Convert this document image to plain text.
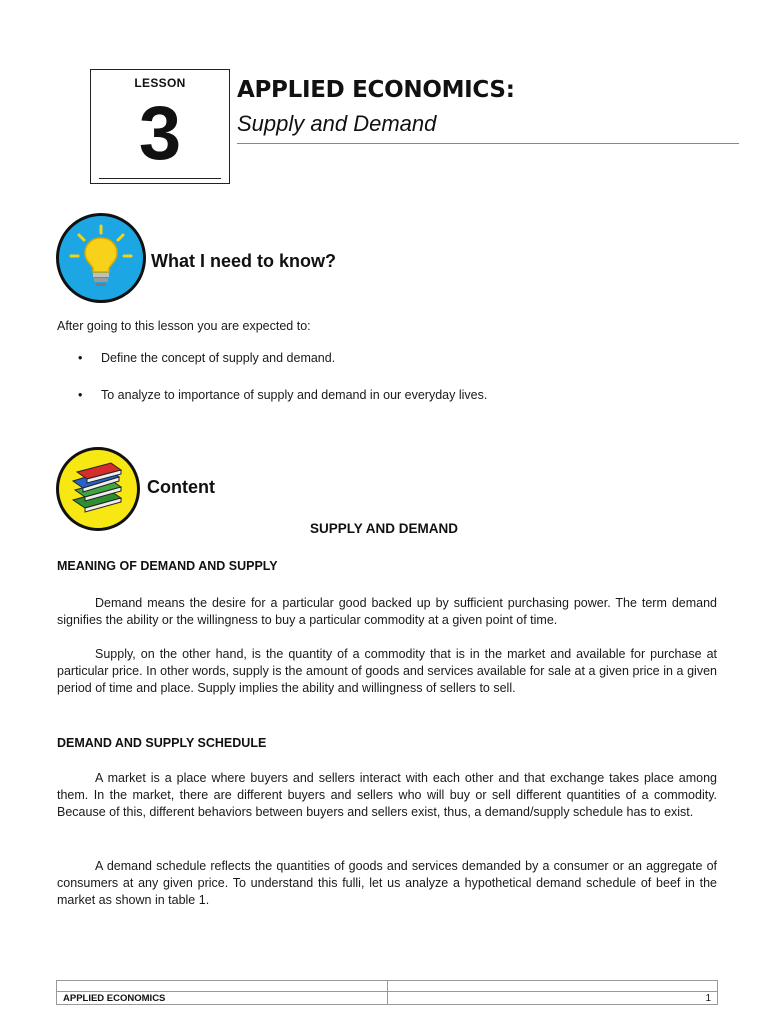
LESSON
3
APPLIED ECONOMICS:
Supply and Demand
What I need to know?
After going to this lesson you are expected to:
• Define the concept of supply and demand.
• To analyze to importance of supply and demand in our everyday lives.
Content
SUPPLY AND DEMAND
MEANING OF DEMAND AND SUPPLY

Demand means the desire for a particular good backed up by sufficient purchasing power. The term demand signifies the ability or the willingness to buy a particular commodity at a given point of time.

Supply, on the other hand, is the quantity of a commodity that is in the market and available for purchase at particular price. In other words, supply is the amount of goods and services available for sale at a given price in a given period of time and place. Supply implies the ability and willingness of sellers to sell.

DEMAND AND SUPPLY SCHEDULE

A market is a place where buyers and sellers interact with each other and that exchange takes place among them. In the market, there are different buyers and sellers who will buy or sell different quantities of a commodity. Because of this, different behaviors between buyers and sellers exist, thus, a demand/supply schedule has to exist.

A demand schedule reflects the quantities of goods and services demanded by a consumer or an aggregate of consumers at any given price. To understand this fulli, let us analyze a hypothetical demand schedule of beef in the market as shown in table 1.

APPLIED ECONOMICS	1
